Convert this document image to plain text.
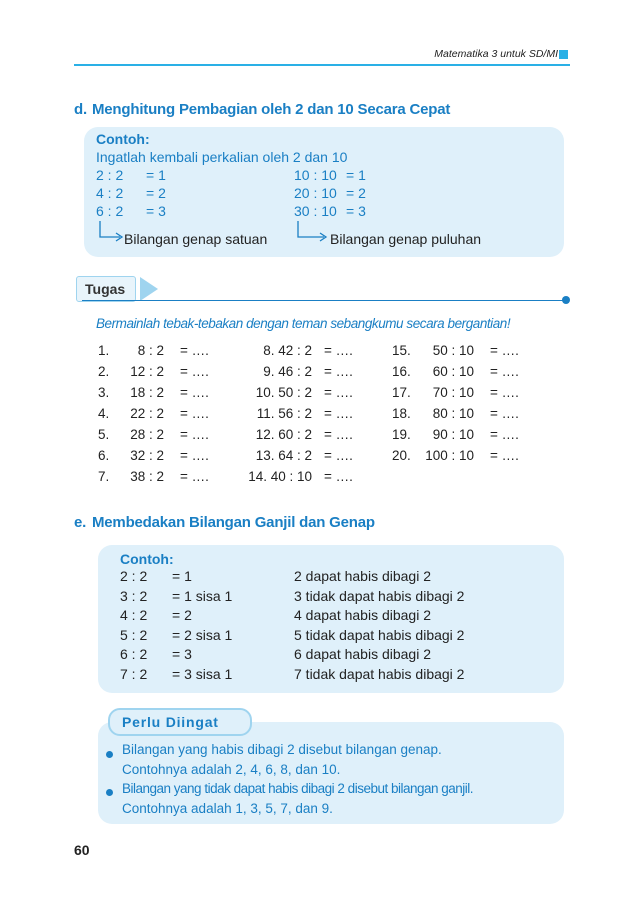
Matematika 3 untuk SD/MI
d. Menghitung Pembagian oleh 2 dan 10 Secara Cepat
Contoh:
Ingatlah kembali perkalian oleh 2 dan 10
2 : 2 = 1
4 : 2 = 2
6 : 2 = 3
10 : 10 = 1
20 : 10 = 2
30 : 10 = 3
Bilangan genap satuan	Bilangan genap puluhan
Tugas
Bermainlah tebak-tebakan dengan teman sebangkumu secara bergantian!
1.	8 : 2 = ….
2.	12 : 2 = ….
3.	18 : 2 = ….
4.	22 : 2 = ….
5.	28 : 2 = ….
6.	32 : 2 = ….
7.	38 : 2 = ….
8. 42 : 2 = ….
9. 46 : 2 = ….
10. 50 : 2 = ….
11. 56 : 2 = ….
12. 60 : 2 = ….
13. 64 : 2 = ….
14. 40 : 10 = ….
15.	50 : 10 = ….
16.	60 : 10 = ….
17.	70 : 10 = ….
18.	80 : 10 = ….
19.	90 : 10 = ….
20.	100 : 10 = ….
e. Membedakan Bilangan Ganjil dan Genap
Contoh:
2 : 2 = 1	2 dapat habis dibagi 2
3 : 2 = 1 sisa 1	3 tidak dapat habis dibagi 2
4 : 2 = 2	4 dapat habis dibagi 2
5 : 2 = 2 sisa 1	5 tidak dapat habis dibagi 2
6 : 2 = 3	6 dapat habis dibagi 2
7 : 2 = 3 sisa 1	7 tidak dapat habis dibagi 2
Perlu Diingat
Bilangan yang habis dibagi 2 disebut bilangan genap.
Contohnya adalah 2, 4, 6, 8, dan 10.
Bilangan yang tidak dapat habis dibagi 2 disebut bilangan ganjil.
Contohnya adalah 1, 3, 5, 7, dan 9.
60
